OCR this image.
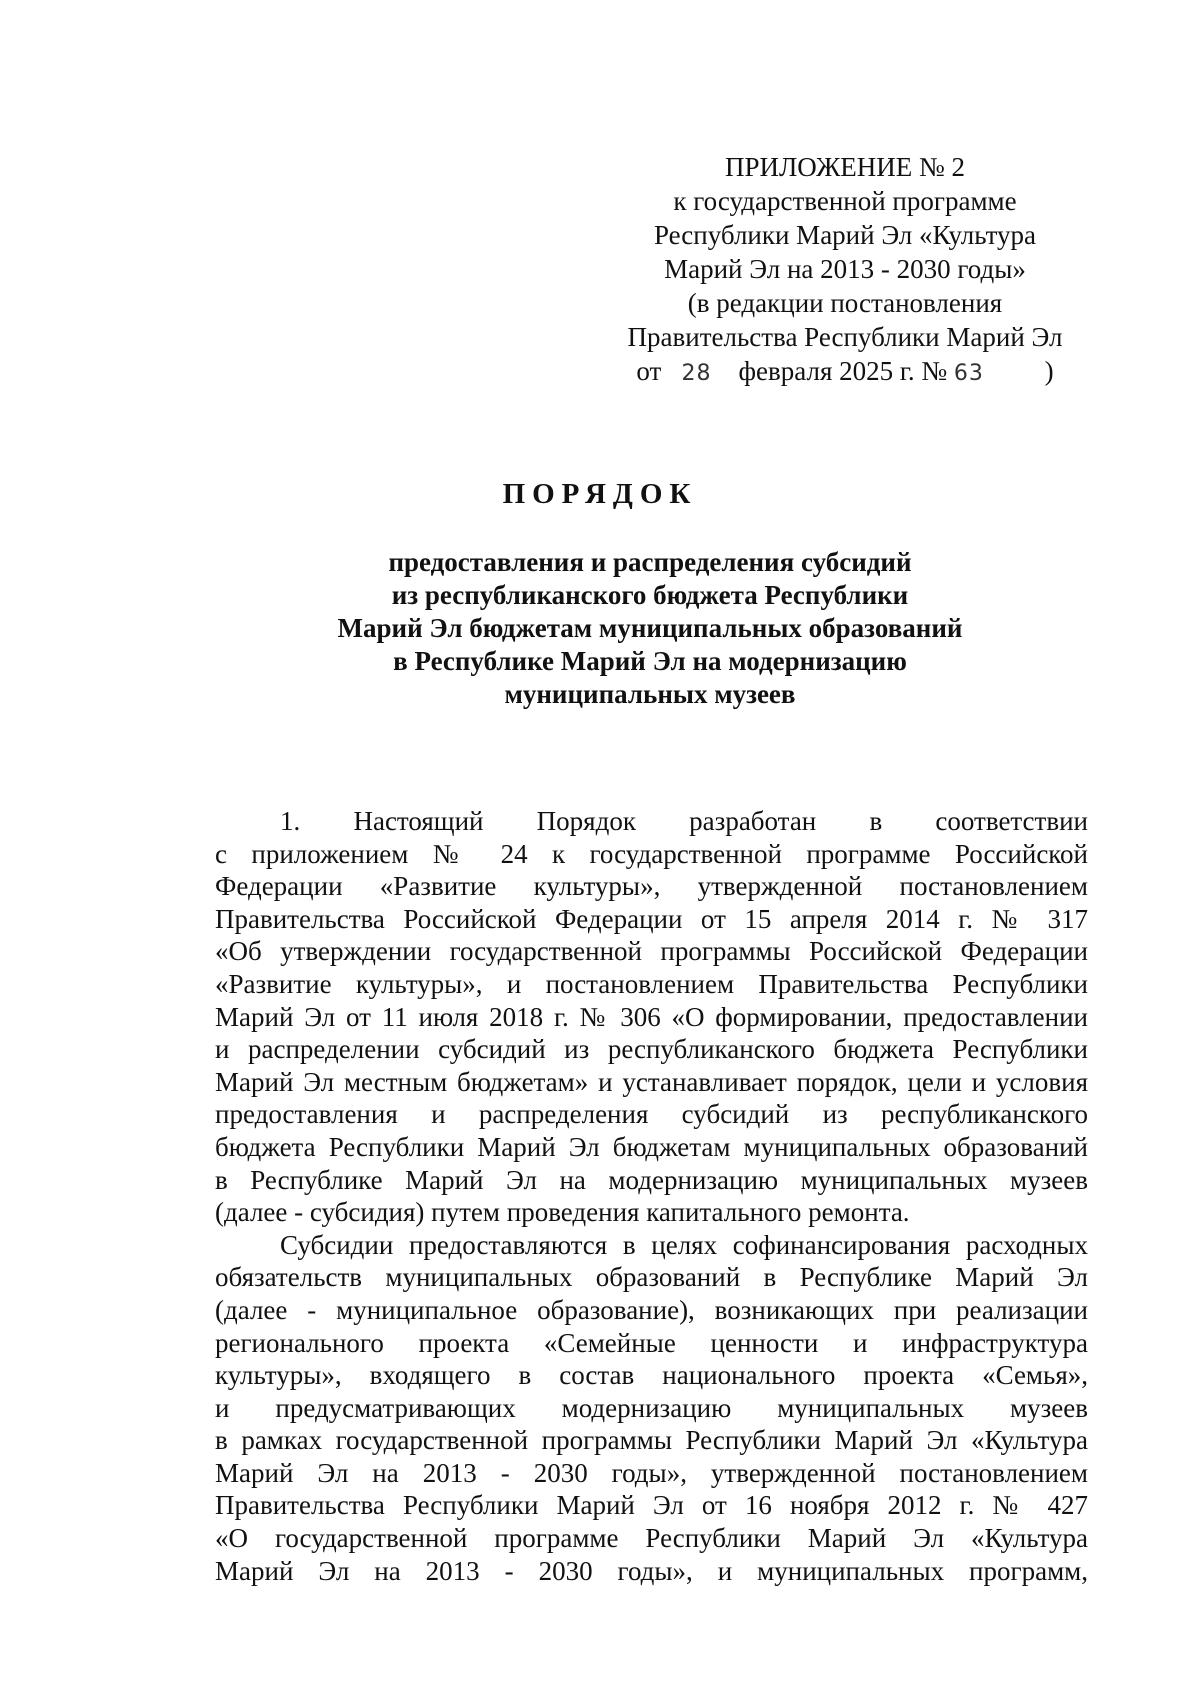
ПРИЛОЖЕНИЕ № 2
к государственной программе
Республики Марий Эл «Культура
Марий Эл на 2013 - 2030 годы»
(в редакции постановления
Правительства Республики Марий Эл
от 28 февраля 2025 г. № 63 )
ПОРЯДОК
предоставления и распределения субсидий
из республиканского бюджета Республики
Марий Эл бюджетам муниципальных образований
в Республике Марий Эл на модернизацию
муниципальных музеев
1. Настоящий Порядок разработан в соответствии
с приложением № 24 к государственной программе Российской
Федерации «Развитие культуры», утвержденной постановлением
Правительства Российской Федерации от 15 апреля 2014 г. № 317
«Об утверждении государственной программы Российской Федерации
«Развитие культуры», и постановлением Правительства Республики
Марий Эл от 11 июля 2018 г. № 306 «О формировании, предоставлении
и распределении субсидий из республиканского бюджета Республики
Марий Эл местным бюджетам» и устанавливает порядок, цели и условия
предоставления и распределения субсидий из республиканского
бюджета Республики Марий Эл бюджетам муниципальных образований
в Республике Марий Эл на модернизацию муниципальных музеев
(далее - субсидия) путем проведения капитального ремонта.
Субсидии предоставляются в целях софинансирования расходных
обязательств муниципальных образований в Республике Марий Эл
(далее - муниципальное образование), возникающих при реализации
регионального проекта «Семейные ценности и инфраструктура
культуры», входящего в состав национального проекта «Семья»,
и предусматривающих модернизацию муниципальных музеев
в рамках государственной программы Республики Марий Эл «Культура
Марий Эл на 2013 - 2030 годы», утвержденной постановлением
Правительства Республики Марий Эл от 16 ноября 2012 г. № 427
«О государственной программе Республики Марий Эл «Культура
Марий Эл на 2013 - 2030 годы», и муниципальных программ,
